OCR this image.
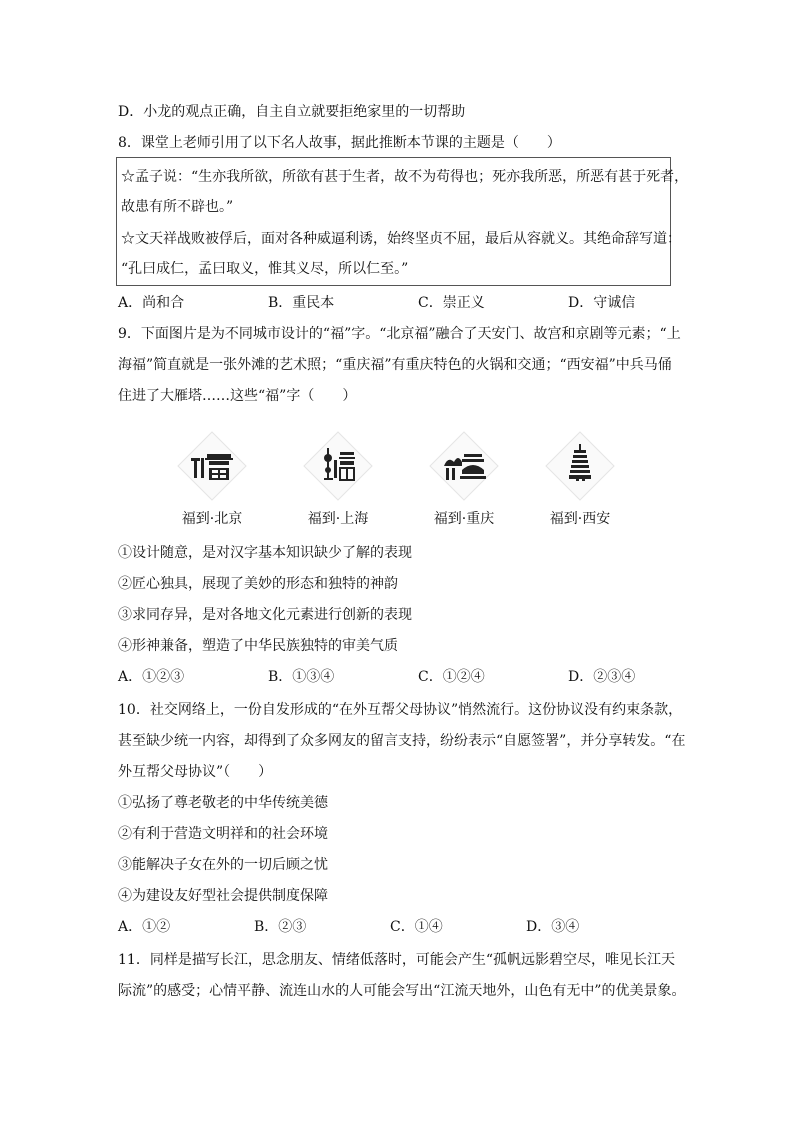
D．小龙的观点正确，自主自立就要拒绝家里的一切帮助
8．课堂上老师引用了以下名人故事，据此推断本节课的主题是（　　）
☆孟子说：“生亦我所欲，所欲有甚于生者，故不为苟得也；死亦我所恶，所恶有甚于死者，
故患有所不辟也。”
☆文天祥战败被俘后，面对各种威逼利诱，始终坚贞不屈，最后从容就义。其绝命辞写道：
“孔曰成仁，孟曰取义，惟其义尽，所以仁至。”
A．尚和合	B．重民本	C．崇正义	D．守诚信
9．下面图片是为不同城市设计的“福”字。“北京福”融合了天安门、故宫和京剧等元素；“上
海福”简直就是一张外滩的艺术照；“重庆福”有重庆特色的火锅和交通；“西安福”中兵马俑
住进了大雁塔……这些“福”字（　　）
福到·北京	福到·上海	福到·重庆	福到·西安
①设计随意，是对汉字基本知识缺少了解的表现
②匠心独具，展现了美妙的形态和独特的神韵
③求同存异，是对各地文化元素进行创新的表现
④形神兼备，塑造了中华民族独特的审美气质
A．①②③	B．①③④	C．①②④	D．②③④
10．社交网络上，一份自发形成的“在外互帮父母协议”悄然流行。这份协议没有约束条款，
甚至缺少统一内容，却得到了众多网友的留言支持，纷纷表示“自愿签署”，并分享转发。“在
外互帮父母协议”（　　）
①弘扬了尊老敬老的中华传统美德
②有利于营造文明祥和的社会环境
③能解决子女在外的一切后顾之忧
④为建设友好型社会提供制度保障
A．①②	B．②③	C．①④	D．③④
11．同样是描写长江，思念朋友、情绪低落时，可能会产生“孤帆远影碧空尽，唯见长江天
际流”的感受；心情平静、流连山水的人可能会写出“江流天地外，山色有无中”的优美景象。
